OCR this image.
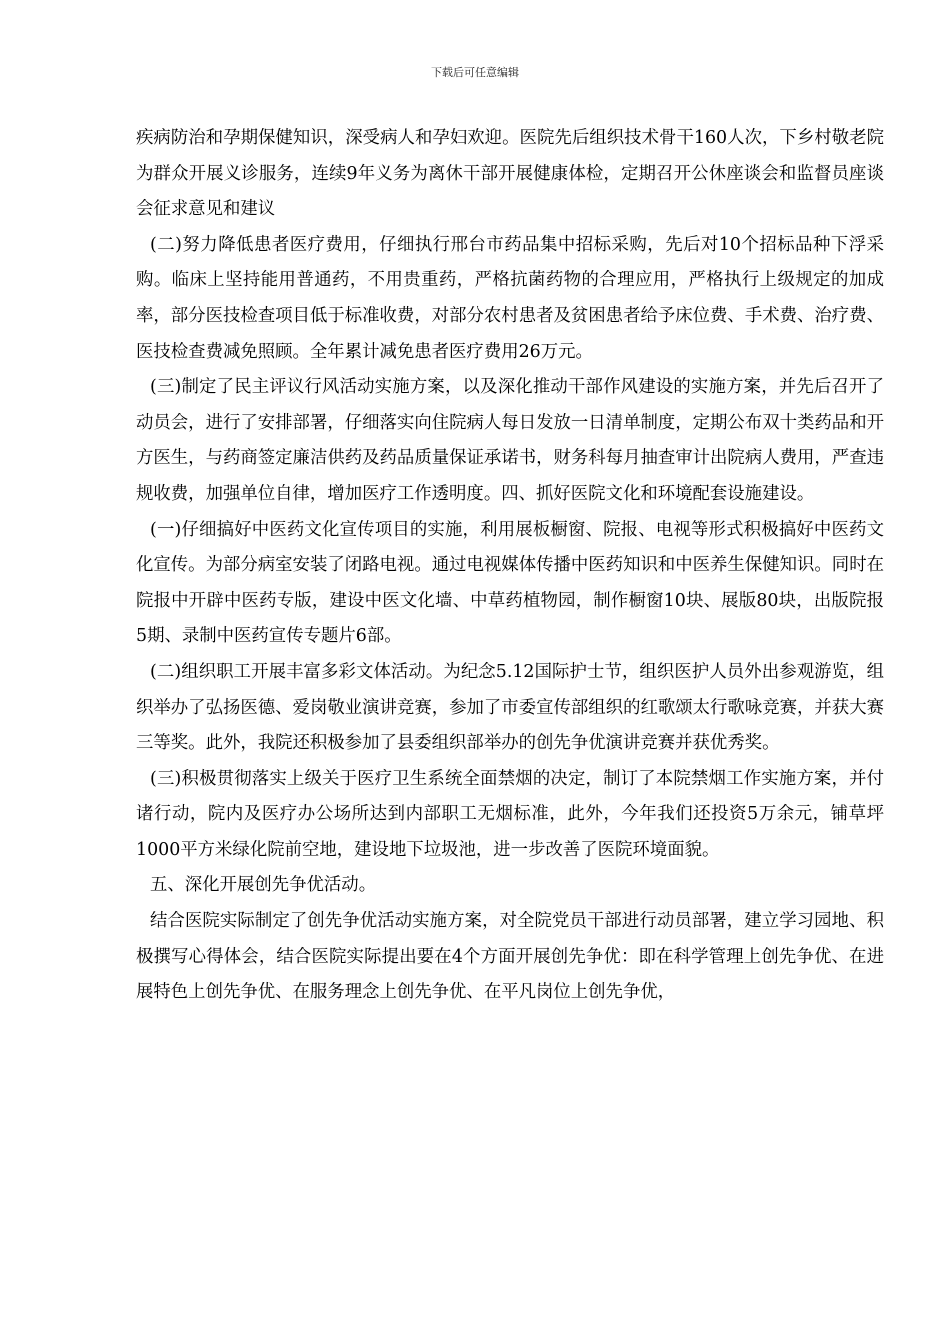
下载后可任意编辑

疾病防治和孕期保健知识，深受病人和孕妇欢迎。医院先后组织技术骨干160人次，下乡村敬老院为群众开展义诊服务，连续9年义务为离休干部开展健康体检，定期召开公休座谈会和监督员座谈会征求意见和建议

(二)努力降低患者医疗费用，仔细执行邢台市药品集中招标采购，先后对10个招标品种下浮采购。临床上坚持能用普通药，不用贵重药，严格抗菌药物的合理应用，严格执行上级规定的加成率，部分医技检查项目低于标准收费，对部分农村患者及贫困患者给予床位费、手术费、治疗费、医技检查费减免照顾。全年累计减免患者医疗费用26万元。

(三)制定了民主评议行风活动实施方案，以及深化推动干部作风建设的实施方案，并先后召开了动员会，进行了安排部署，仔细落实向住院病人每日发放一日清单制度，定期公布双十类药品和开方医生，与药商签定廉洁供药及药品质量保证承诺书，财务科每月抽查审计出院病人费用，严查违规收费，加强单位自律，增加医疗工作透明度。四、抓好医院文化和环境配套设施建设。

(一)仔细搞好中医药文化宣传项目的实施，利用展板橱窗、院报、电视等形式积极搞好中医药文化宣传。为部分病室安装了闭路电视。通过电视媒体传播中医药知识和中医养生保健知识。同时在院报中开辟中医药专版，建设中医文化墙、中草药植物园，制作橱窗10块、展版80块，出版院报5期、录制中医药宣传专题片6部。

(二)组织职工开展丰富多彩文体活动。为纪念5.12国际护士节，组织医护人员外出参观游览，组织举办了弘扬医德、爱岗敬业演讲竞赛，参加了市委宣传部组织的红歌颂太行歌咏竞赛，并获大赛三等奖。此外，我院还积极参加了县委组织部举办的创先争优演讲竞赛并获优秀奖。

(三)积极贯彻落实上级关于医疗卫生系统全面禁烟的决定，制订了本院禁烟工作实施方案，并付诸行动，院内及医疗办公场所达到内部职工无烟标准，此外，今年我们还投资5万余元，铺草坪1000平方米绿化院前空地，建设地下垃圾池，进一步改善了医院环境面貌。

五、深化开展创先争优活动。

结合医院实际制定了创先争优活动实施方案，对全院党员干部进行动员部署，建立学习园地、积极撰写心得体会，结合医院实际提出要在4个方面开展创先争优：即在科学管理上创先争优、在进展特色上创先争优、在服务理念上创先争优、在平凡岗位上创先争优，
